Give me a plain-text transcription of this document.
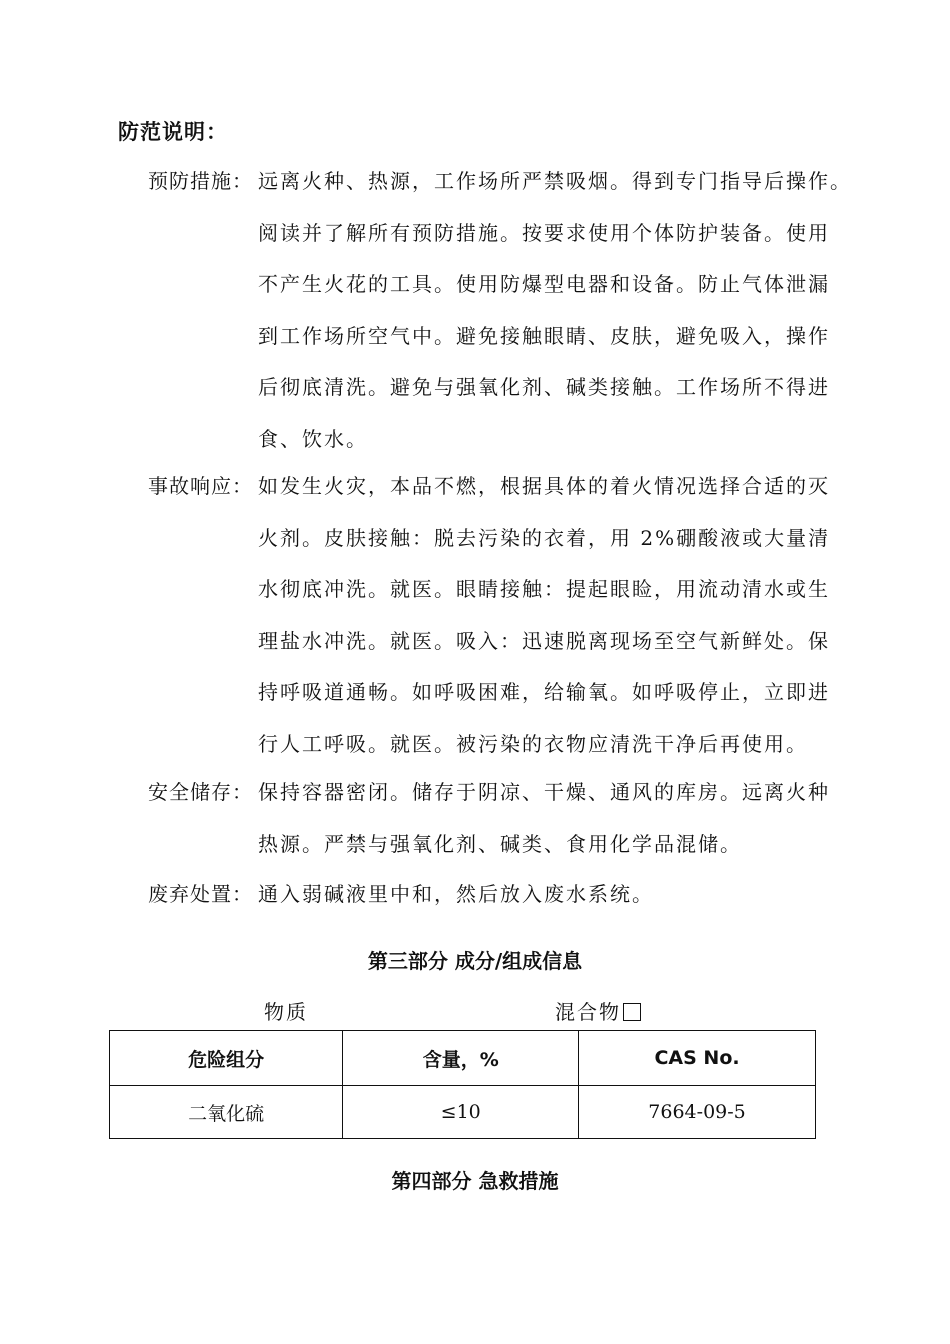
防范说明：
预防措施： 远离火种、热源，工作场所严禁吸烟。得到专门指导后操作。
阅读并了解所有预防措施。按要求使用个体防护装备。使用
不产生火花的工具。使用防爆型电器和设备。防止气体泄漏
到工作场所空气中。避免接触眼睛、皮肤，避免吸入，操作
后彻底清洗。避免与强氧化剂、碱类接触。工作场所不得进
食、饮水。
事故响应： 如发生火灾，本品不燃，根据具体的着火情况选择合适的灭
火剂。皮肤接触：脱去污染的衣着，用 2%硼酸液或大量清
水彻底冲洗。就医。眼睛接触：提起眼睑，用流动清水或生
理盐水冲洗。就医。吸入：迅速脱离现场至空气新鲜处。保
持呼吸道通畅。如呼吸困难，给输氧。如呼吸停止，立即进
行人工呼吸。就医。被污染的衣物应清洗干净后再使用。
安全储存： 保持容器密闭。储存于阴凉、干燥、通风的库房。远离火种
热源。严禁与强氧化剂、碱类、食用化学品混储。
废弃处置： 通入弱碱液里中和，然后放入废水系统。
第三部分 成分/组成信息
物质	混合物
危险组分	含量，%	CAS No.
二氧化硫	≤10	7664-09-5
第四部分 急救措施
